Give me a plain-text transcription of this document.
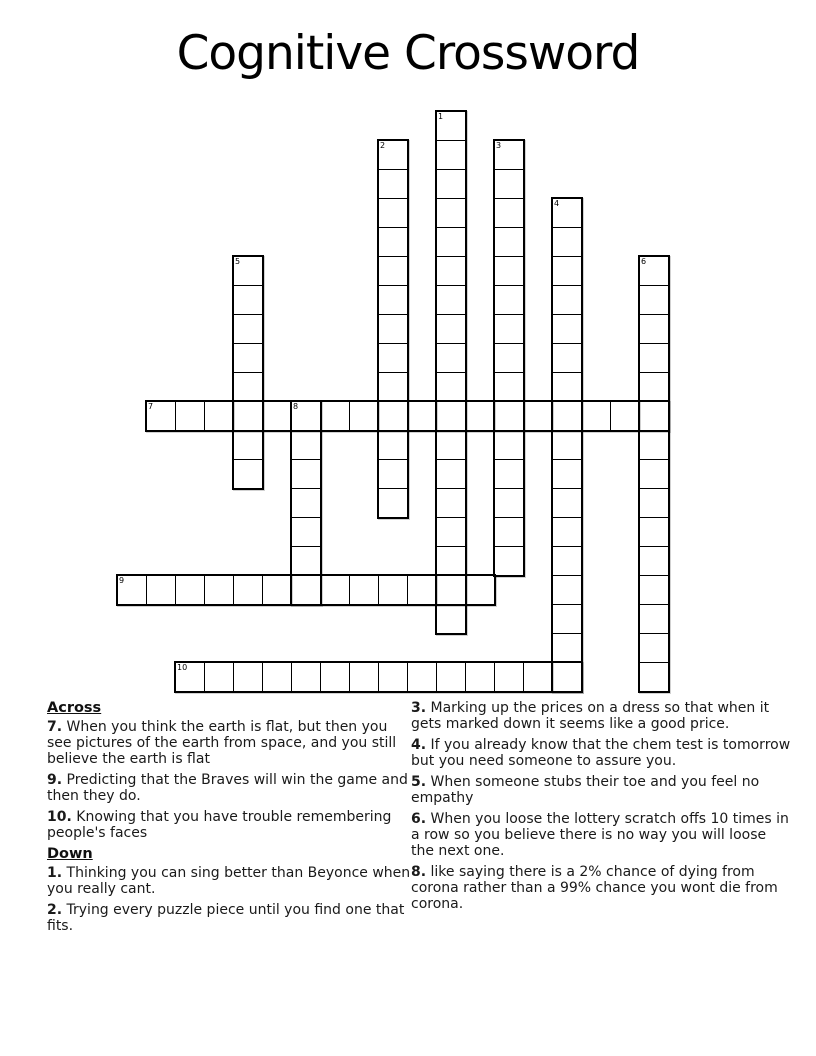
Cognitive Crossword
1
2	3
4
5	6
7	8
9
10
Across
7. When you think the earth is flat, but then you see pictures of the earth from space, and you still believe the earth is flat
9. Predicting that the Braves will win the game and then they do.
10. Knowing that you have trouble remembering people's faces
Down
1. Thinking you can sing better than Beyonce when you really cant.
2. Trying every puzzle piece until you find one that fits.
3. Marking up the prices on a dress so that when it gets marked down it seems like a good price.
4. If you already know that the chem test is tomorrow but you need someone to assure you.
5. When someone stubs their toe and you feel no empathy
6. When you loose the lottery scratch offs 10 times in a row so you believe there is no way you will loose the next one.
8. like saying there is a 2% chance of dying from corona rather than a 99% chance you wont die from corona.
